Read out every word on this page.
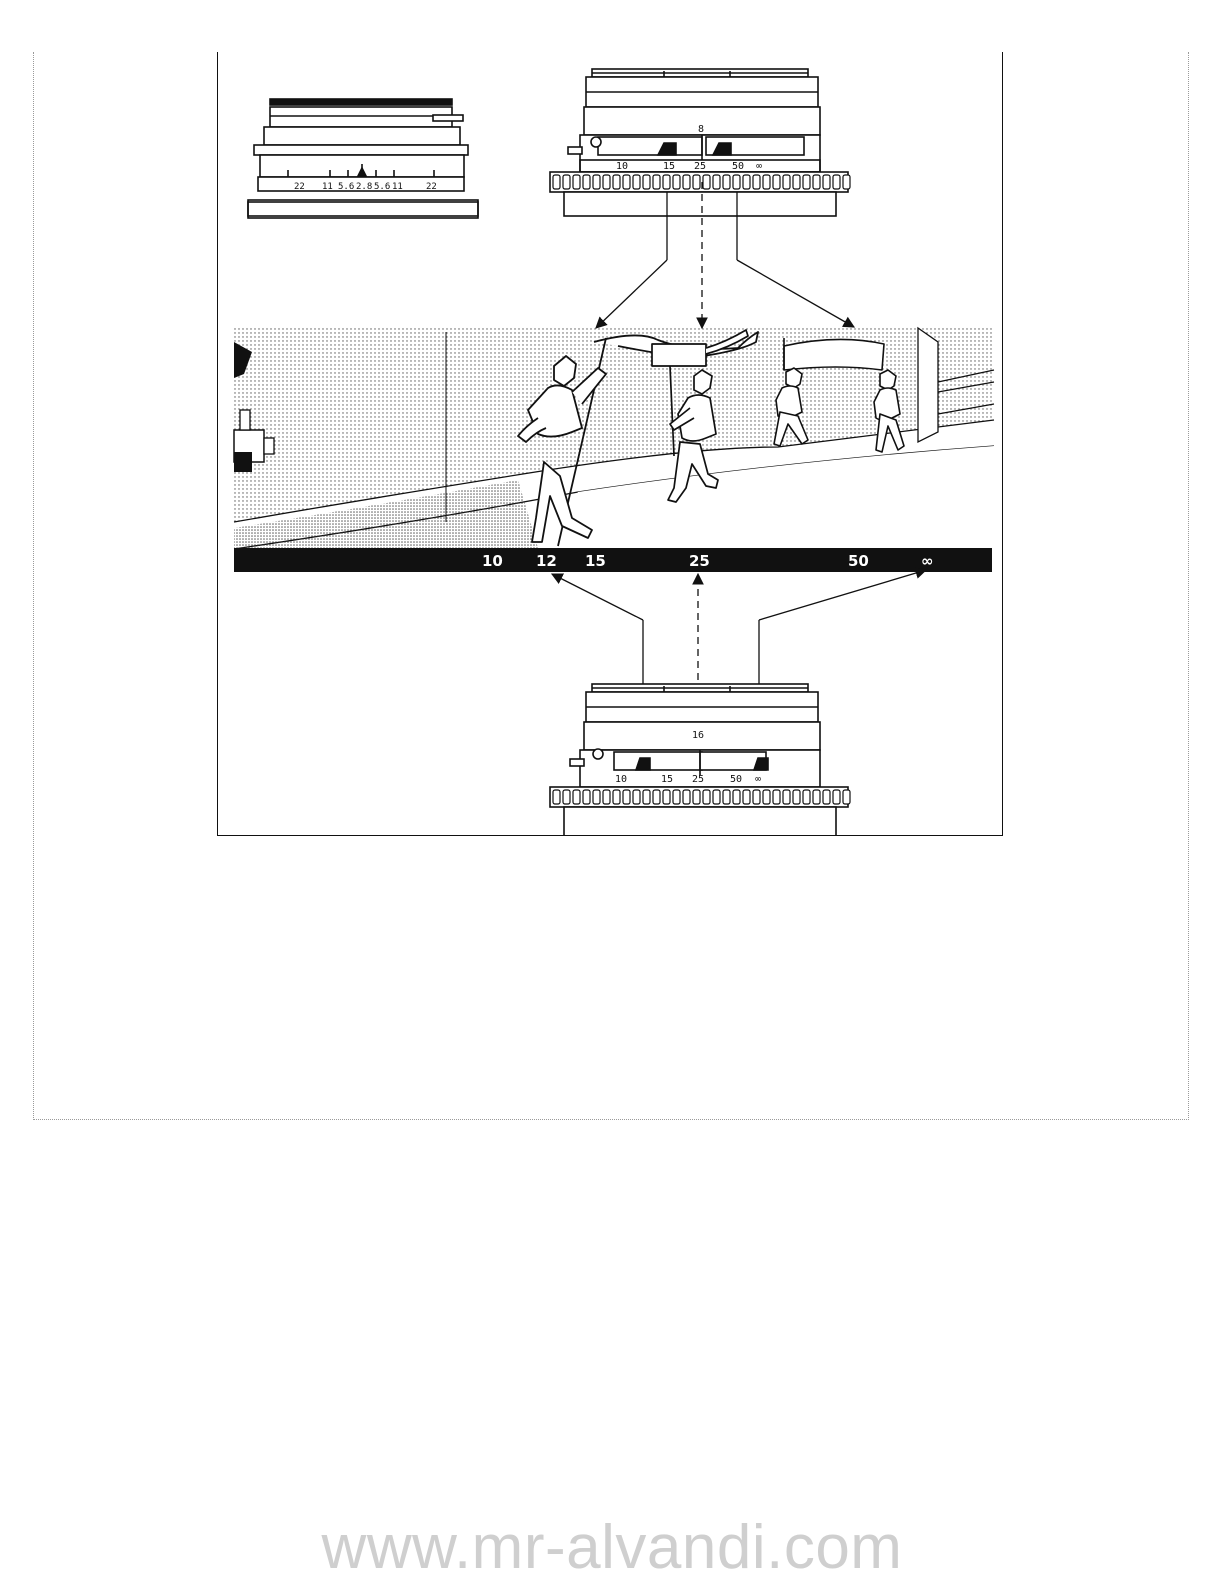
22 11 5.6 2.8 5.6 11	22
8
10	15 25	50 ∞
10 12 15	25	50	∞
16
10	15 25	50 ∞
www.mr-alvandi.com
